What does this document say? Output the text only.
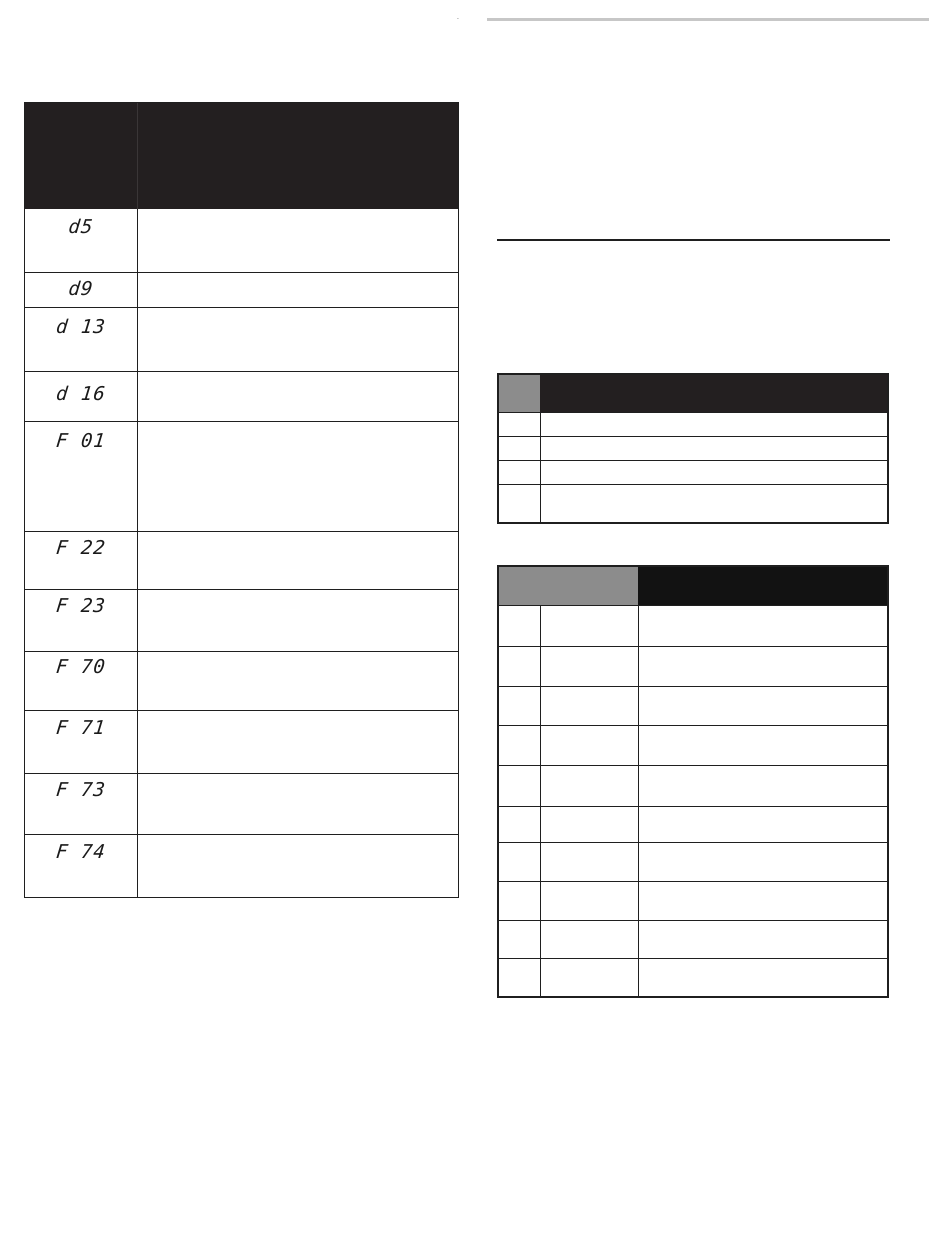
·
d5
d9
d 13
d 16
F 01
F 22
F 23
F 70
F 71
F 73
F 74
